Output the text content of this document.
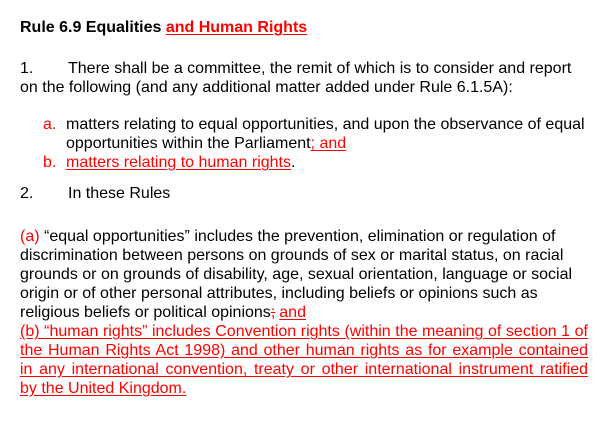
Rule 6.9 Equalities and Human Rights

1. There shall be a committee, the remit of which is to consider and report on the following (and any additional matter added under Rule 6.1.5A):

a. matters relating to equal opportunities, and upon the observance of equal opportunities within the Parliament; and
b. matters relating to human rights.

2. In these Rules

(a) “equal opportunities” includes the prevention, elimination or regulation of discrimination between persons on grounds of sex or marital status, on racial grounds or on grounds of disability, age, sexual orientation, language or social origin or of other personal attributes, including beliefs or opinions such as religious beliefs or political opinions; and

(b) “human rights” includes Convention rights (within the meaning of section 1 of the Human Rights Act 1998) and other human rights as for example contained in any international convention, treaty or other international instrument ratified by the United Kingdom.
